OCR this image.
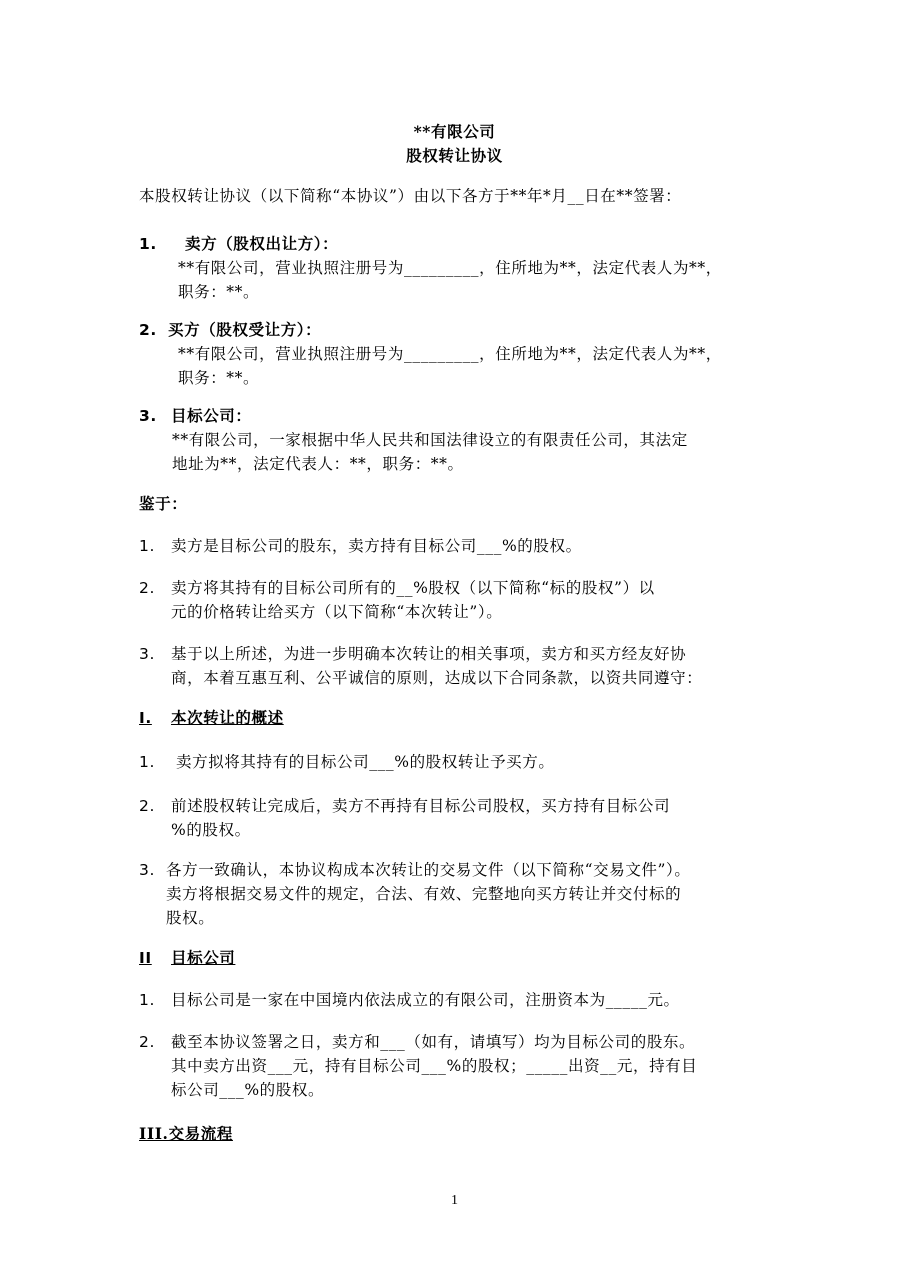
**有限公司
股权转让协议
本股权转让协议（以下简称“本协议”）由以下各方于**年*月__日在**签署：
1. 卖方（股权出让方）：
**有限公司，营业执照注册号为_________，住所地为**，法定代表人为**，
职务：**。
2. 买方（股权受让方）：
**有限公司，营业执照注册号为_________，住所地为**，法定代表人为**，
职务：**。
3. 目标公司：
**有限公司，一家根据中华人民共和国法律设立的有限责任公司，其法定
地址为**，法定代表人：**，职务：**。
鉴于：
1. 卖方是目标公司的股东，卖方持有目标公司___%的股权。
2. 卖方将其持有的目标公司所有的__%股权（以下简称“标的股权”）以
元的价格转让给买方（以下简称“本次转让”）。
3. 基于以上所述，为进一步明确本次转让的相关事项，卖方和买方经友好协
商，本着互惠互利、公平诚信的原则，达成以下合同条款，以资共同遵守：
I. 本次转让的概述
1. 卖方拟将其持有的目标公司___%的股权转让予买方。
2. 前述股权转让完成后，卖方不再持有目标公司股权，买方持有目标公司
%的股权。
3. 各方一致确认，本协议构成本次转让的交易文件（以下简称“交易文件”）。
卖方将根据交易文件的规定，合法、有效、完整地向买方转让并交付标的
股权。
II 目标公司
1. 目标公司是一家在中国境内依法成立的有限公司，注册资本为_____元。
2. 截至本协议签署之日，卖方和___（如有，请填写）均为目标公司的股东。
其中卖方出资___元，持有目标公司___%的股权；_____出资__元，持有目
标公司___%的股权。
III.交易流程
1
